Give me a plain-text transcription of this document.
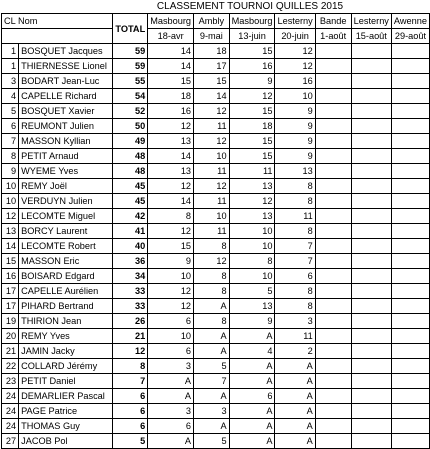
CLASSEMENT TOURNOI QUILLES 2015
CL Nom		TOTAL	Masbourg	Ambly	Masbourg	Lesterny	Bande	Lesterny	Awenne
			18-avr	9-mai	13-juin	20-juin	1-août	15-août	29-août
1	BOSQUET Jacques	59	14	18	15	12			
1	THIERNESSE Lionel	59	14	17	16	12			
3	BODART Jean-Luc	55	15	15	9	16			
4	CAPELLE Richard	54	18	14	12	10			
5	BOSQUET Xavier	52	16	12	15	9			
6	REUMONT Julien	50	12	11	18	9			
7	MASSON Kyllian	49	13	12	15	9			
8	PETIT Arnaud	48	14	10	15	9			
9	WYEME Yves	48	13	11	11	13			
10	REMY Joël	45	12	12	13	8			
10	VERDUYN Julien	45	14	11	12	8			
12	LECOMTE Miguel	42	8	10	13	11			
13	BORCY Laurent	41	12	11	10	8			
14	LECOMTE Robert	40	15	8	10	7			
15	MASSON Eric	36	9	12	8	7			
16	BOISARD Edgard	34	10	8	10	6			
17	CAPELLE Aurélien	33	12	8	5	8			
17	PIHARD Bertrand	33	12	A	13	8			
19	THIRION Jean	26	6	8	9	3			
20	REMY Yves	21	10	A	A	11			
21	JAMIN Jacky	12	6	A	4	2			
22	COLLARD Jérémy	8	3	5	A	A			
23	PETIT Daniel	7	A	7	A	A			
24	DEMARLIER Pascal	6	A	A	6	A			
24	PAGE Patrice	6	3	3	A	A			
24	THOMAS Guy	6	6	A	A	A			
27	JACOB Pol	5	A	5	A	A			
